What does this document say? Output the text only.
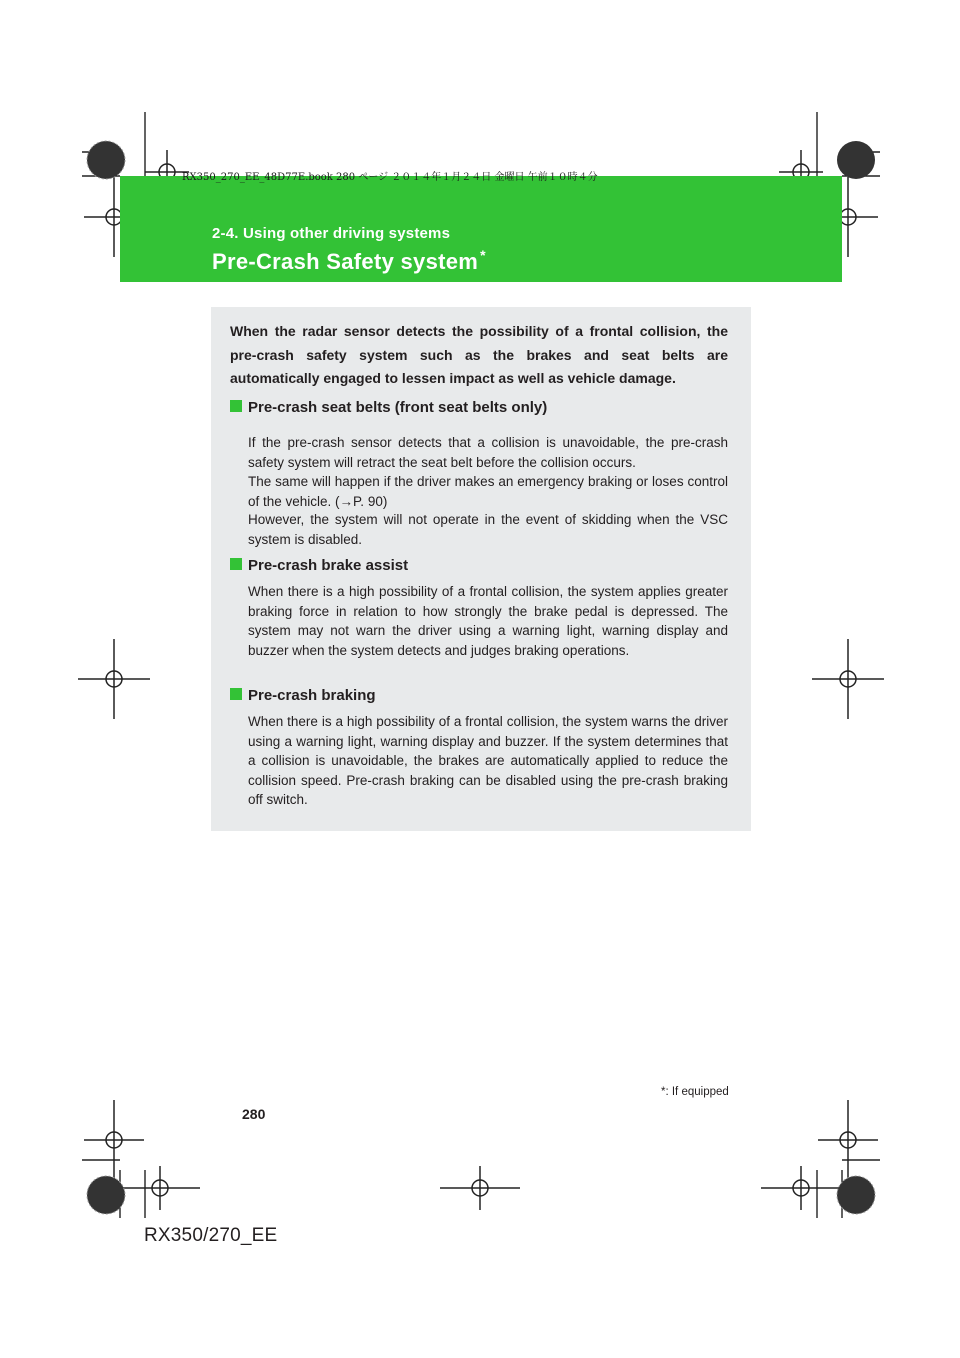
RX350_270_EE_48D77E.book 280 ページ ２０１４年１月２４日 金曜日 午前１０時４分
2-4. Using other driving systems
Pre-Crash Safety system *
When the radar sensor detects the possibility of a frontal collision, the pre-crash safety system such as the brakes and seat belts are automatically engaged to lessen impact as well as vehicle damage.
Pre-crash seat belts (front seat belts only)
If the pre-crash sensor detects that a collision is unavoidable, the pre-crash safety system will retract the seat belt before the collision occurs.
The same will happen if the driver makes an emergency braking or loses control of the vehicle. (→P. 90)
However, the system will not operate in the event of skidding when the VSC system is disabled.
Pre-crash brake assist
When there is a high possibility of a frontal collision, the system applies greater braking force in relation to how strongly the brake pedal is depressed. The system may not warn the driver using a warning light, warning display and buzzer when the system detects and judges braking operations.
Pre-crash braking
When there is a high possibility of a frontal collision, the system warns the driver using a warning light, warning display and buzzer. If the system determines that a collision is unavoidable, the brakes are automatically applied to reduce the collision speed. Pre-crash braking can be disabled using the pre-crash braking off switch.
*: If equipped
280
RX350/270_EE
